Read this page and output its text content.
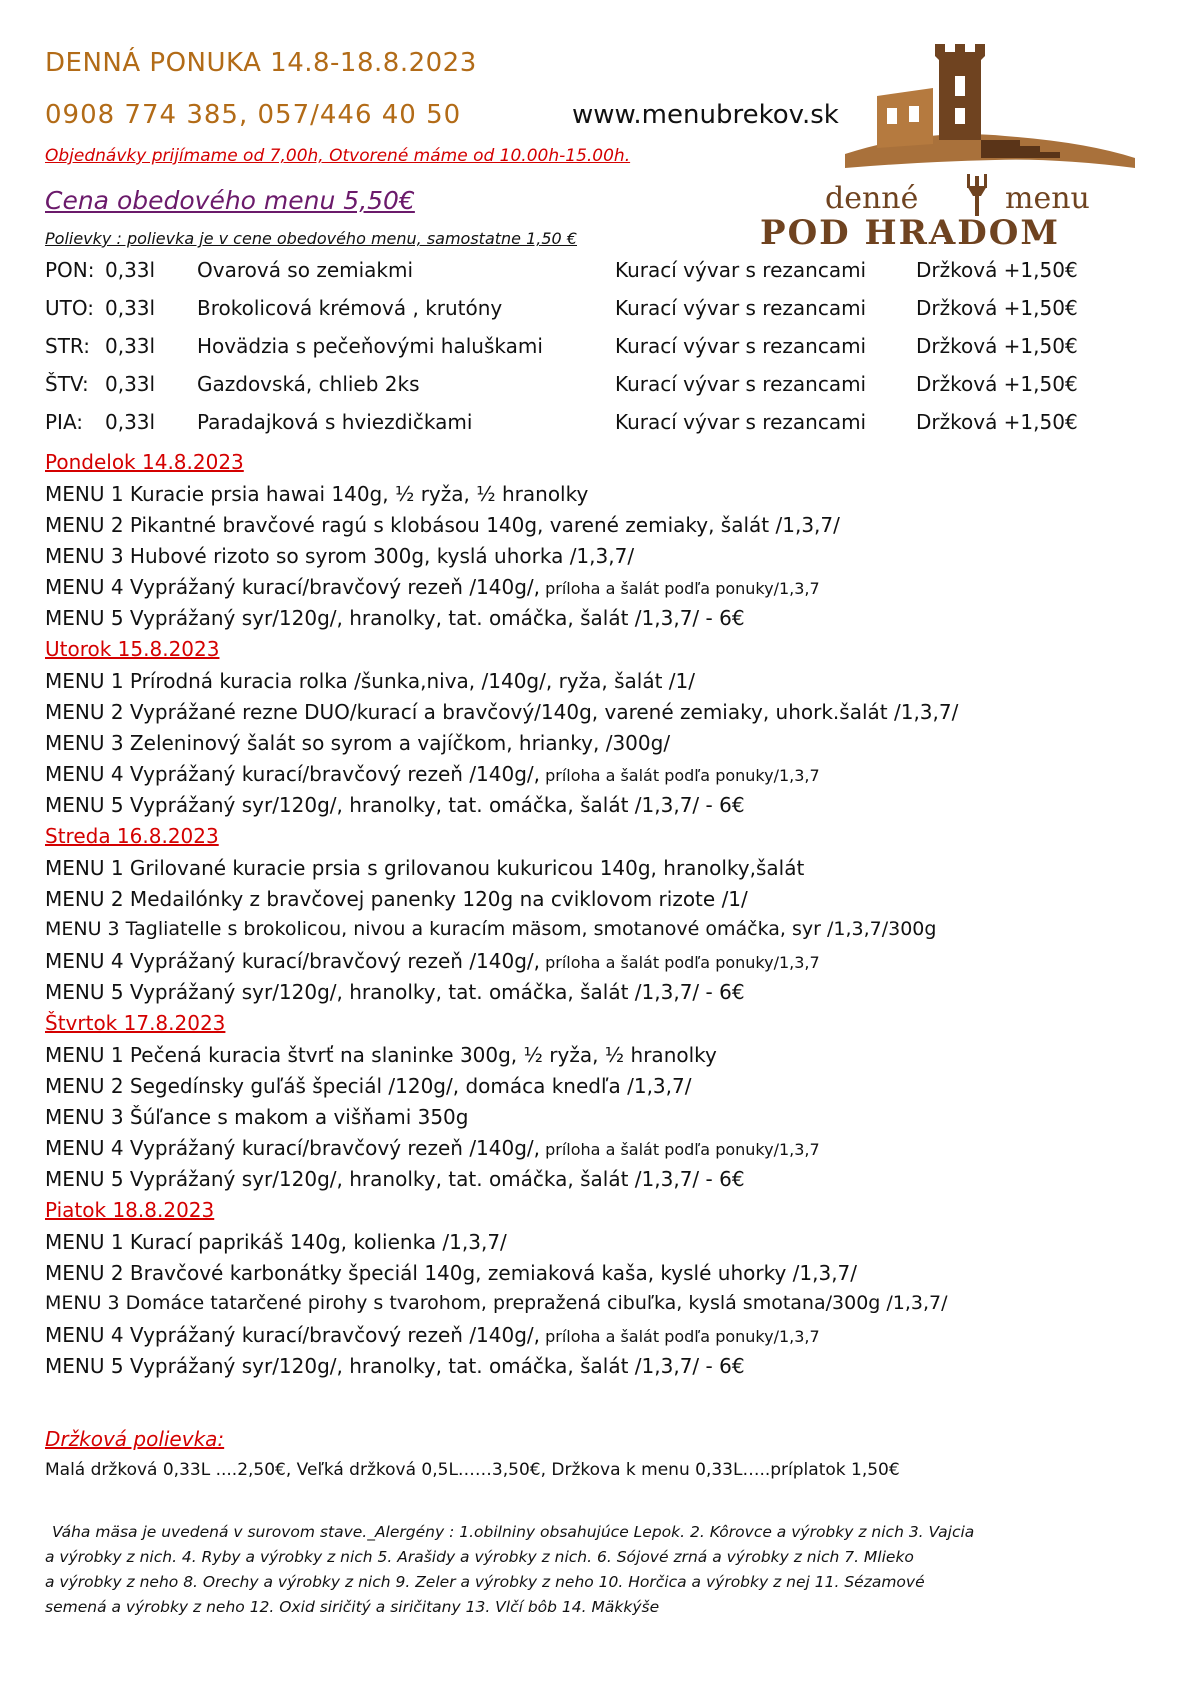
DENNÁ PONUKA 14.8-18.8.2023
0908 774 385, 057/446 40 50	www.menubrekov.sk
Objednávky prijímame od 7,00h, Otvorené máme od 10.00h-15.00h.
Cena obedového menu 5,50€
Polievky : polievka je v cene obedového menu, samostatne 1,50 €
denné	menu
POD HRADOM
PON: 0,33l Ovarová so zemiakmi	Kurací vývar s rezancami Držková +1,50€
UTO: 0,33l Brokolicová krémová , krutóny	Kurací vývar s rezancami Držková +1,50€
STR: 0,33l Hovädzia s pečeňovými haluškami	Kurací vývar s rezancami Držková +1,50€
ŠTV: 0,33l Gazdovská, chlieb 2ks	Kurací vývar s rezancami Držková +1,50€
PIA: 0,33l Paradajková s hviezdičkami	Kurací vývar s rezancami Držková +1,50€
Pondelok 14.8.2023
MENU 1 Kuracie prsia hawai 140g, ½ ryža, ½ hranolky
MENU 2 Pikantné bravčové ragú s klobásou 140g, varené zemiaky, šalát /1,3,7/
MENU 3 Hubové rizoto so syrom 300g, kyslá uhorka /1,3,7/
MENU 4 Vyprážaný kurací/bravčový rezeň /140g/, príloha a šalát podľa ponuky/1,3,7
MENU 5 Vyprážaný syr/120g/, hranolky, tat. omáčka, šalát /1,3,7/ - 6€
Utorok 15.8.2023
MENU 1 Prírodná kuracia rolka /šunka,niva, /140g/, ryža, šalát /1/
MENU 2 Vyprážané rezne DUO/kurací a bravčový/140g, varené zemiaky, uhork.šalát /1,3,7/
MENU 3 Zeleninový šalát so syrom a vajíčkom, hrianky, /300g/
MENU 4 Vyprážaný kurací/bravčový rezeň /140g/, príloha a šalát podľa ponuky/1,3,7
MENU 5 Vyprážaný syr/120g/, hranolky, tat. omáčka, šalát /1,3,7/ - 6€
Streda 16.8.2023
MENU 1 Grilované kuracie prsia s grilovanou kukuricou 140g, hranolky,šalát
MENU 2 Medailónky z bravčovej panenky 120g na cviklovom rizote /1/
MENU 3 Tagliatelle s brokolicou, nivou a kuracím mäsom, smotanové omáčka, syr /1,3,7/300g
MENU 4 Vyprážaný kurací/bravčový rezeň /140g/, príloha a šalát podľa ponuky/1,3,7
MENU 5 Vyprážaný syr/120g/, hranolky, tat. omáčka, šalát /1,3,7/ - 6€
Štvrtok 17.8.2023
MENU 1 Pečená kuracia štvrť na slaninke 300g, ½ ryža, ½ hranolky
MENU 2 Segedínsky guľáš špeciál /120g/, domáca knedľa /1,3,7/
MENU 3 Šúľance s makom a višňami 350g
MENU 4 Vyprážaný kurací/bravčový rezeň /140g/, príloha a šalát podľa ponuky/1,3,7
MENU 5 Vyprážaný syr/120g/, hranolky, tat. omáčka, šalát /1,3,7/ - 6€
Piatok 18.8.2023
MENU 1 Kurací paprikáš 140g, kolienka /1,3,7/
MENU 2 Bravčové karbonátky špeciál 140g, zemiaková kaša, kyslé uhorky /1,3,7/
MENU 3 Domáce tatarčené pirohy s tvarohom, prepražená cibuľka, kyslá smotana/300g /1,3,7/
MENU 4 Vyprážaný kurací/bravčový rezeň /140g/, príloha a šalát podľa ponuky/1,3,7
MENU 5 Vyprážaný syr/120g/, hranolky, tat. omáčka, šalát /1,3,7/ - 6€
Držková polievka:
Malá držková 0,33L ....2,50€, Veľká držková 0,5L……3,50€, Držkova k menu 0,33L…..príplatok 1,50€
Váha mäsa je uvedená v surovom stave._Alergény : 1.obilniny obsahujúce Lepok. 2. Kôrovce a výrobky z nich 3. Vajcia
a výrobky z nich. 4. Ryby a výrobky z nich 5. Arašidy a výrobky z nich. 6. Sójové zrná a výrobky z nich 7. Mlieko
a výrobky z neho 8. Orechy a výrobky z nich 9. Zeler a výrobky z neho 10. Horčica a výrobky z nej 11. Sézamové
semená a výrobky z neho 12. Oxid siričitý a siričitany 13. Vlčí bôb 14. Mäkkýše
